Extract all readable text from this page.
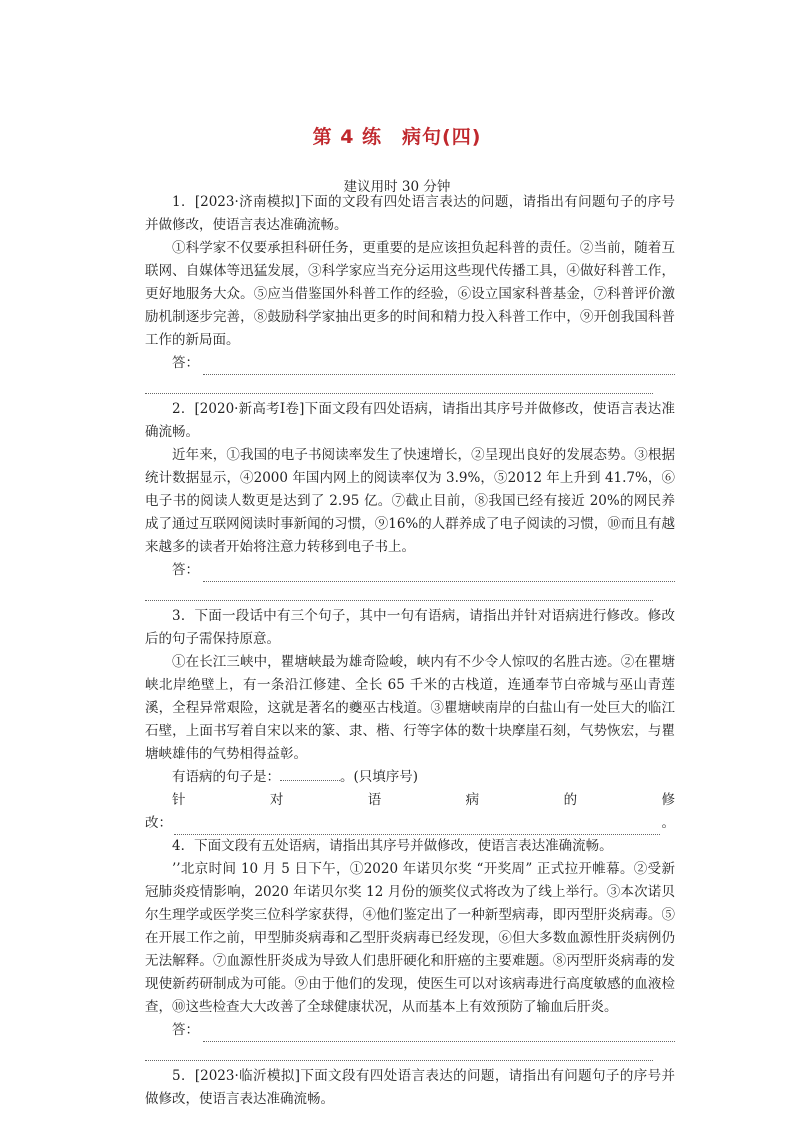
第 4 练　病句(四)
建议用时 30 分钟

1．[2023·济南模拟]下面的文段有四处语言表达的问题，请指出有问题句子的序号并做修改，使语言表达准确流畅。

①科学家不仅要承担科研任务，更重要的是应该担负起科普的责任。②当前，随着互联网、自媒体等迅猛发展，③科学家应当充分运用这些现代传播工具，④做好科普工作，更好地服务大众。⑤应当借鉴国外科普工作的经验，⑥设立国家科普基金，⑦科普评价激励机制逐步完善，⑧鼓励科学家抽出更多的时间和精力投入科普工作中，⑨开创我国科普工作的新局面。

答：

2．[2020·新高考Ⅰ卷]下面文段有四处语病，请指出其序号并做修改，使语言表达准确流畅。

近年来，①我国的电子书阅读率发生了快速增长，②呈现出良好的发展态势。③根据统计数据显示，④2000 年国内网上的阅读率仅为 3.9%，⑤2012 年上升到 41.7%，⑥电子书的阅读人数更是达到了 2.95 亿。⑦截止目前，⑧我国已经有接近 20%的网民养成了通过互联网阅读时事新闻的习惯，⑨16%的人群养成了电子阅读的习惯，⑩而且有越来越多的读者开始将注意力转移到电子书上。

答：

3．下面一段话中有三个句子，其中一句有语病，请指出并针对语病进行修改。修改后的句子需保持原意。

①在长江三峡中，瞿塘峡最为雄奇险峻，峡内有不少令人惊叹的名胜古迹。②在瞿塘峡北岸绝壁上，有一条沿江修建、全长 65 千米的古栈道，连通奉节白帝城与巫山青莲溪，全程异常艰险，这就是著名的夔巫古栈道。③瞿塘峡南岸的白盐山有一处巨大的临江石壁，上面书写着自宋以来的篆、隶、楷、行等字体的数十块摩崖石刻，气势恢宏，与瞿塘峡雄伟的气势相得益彰。

有语病的句子是：	。(只填序号)

针	对	语	病	的	修
改：	。

4．下面文段有五处语病，请指出其序号并做修改，使语言表达准确流畅。

’’北京时间 10 月 5 日下午，①2020 年诺贝尔奖 “开奖周” 正式拉开帷幕。②受新冠肺炎疫情影响，2020 年诺贝尔奖 12 月份的颁奖仪式将改为了线上举行。③本次诺贝尔生理学或医学奖三位科学家获得，④他们鉴定出了一种新型病毒，即丙型肝炎病毒。⑤在开展工作之前，甲型肺炎病毒和乙型肝炎病毒已经发现，⑥但大多数血源性肝炎病例仍无法解释。⑦血源性肝炎成为导致人们患肝硬化和肝癌的主要难题。⑧丙型肝炎病毒的发现使新药研制成为可能。⑨由于他们的发现，使医生可以对该病毒进行高度敏感的血液检查，⑩这些检查大大改善了全球健康状况，从而基本上有效预防了输血后肝炎。

答：

5．[2023·临沂模拟]下面文段有四处语言表达的问题，请指出有问题句子的序号并做修改，使语言表达准确流畅。
